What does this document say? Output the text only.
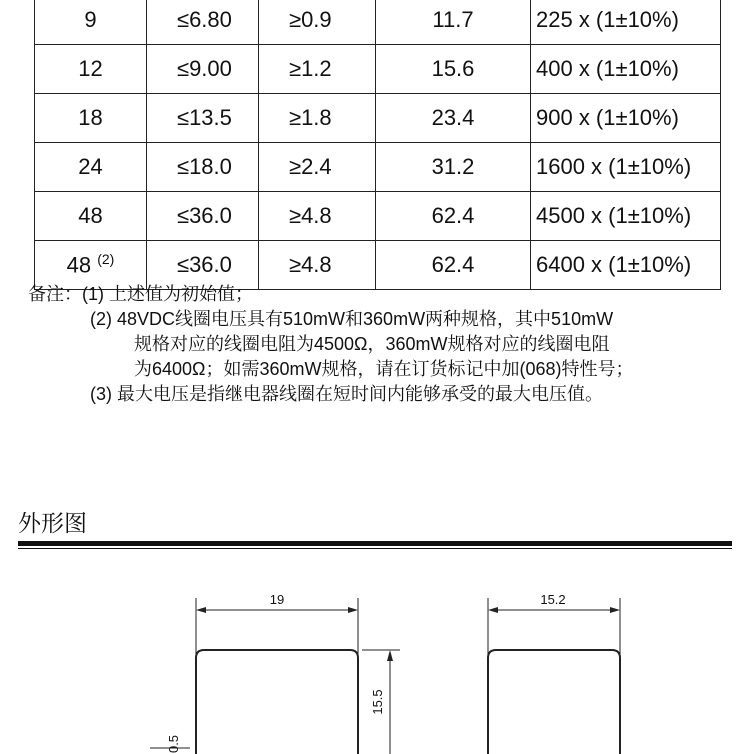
9	≤6.80	≥0.9	11.7	225 x (1±10%)
12	≤9.00	≥1.2	15.6	400 x (1±10%)
18	≤13.5	≥1.8	23.4	900 x (1±10%)
24	≤18.0	≥2.4	31.2	1600 x (1±10%)
48	≤36.0	≥4.8	62.4	4500 x (1±10%)
48 $^{(2)}$	≤36.0	≥4.8	62.4	6400 x (1±10%)
备注：(1) 上述值为初始值；
(2) 48VDC线圈电压具有510mW和360mW两种规格，其中510mW
规格对应的线圈电阻为4500Ω，360mW规格对应的线圈电阻
为6400Ω；如需360mW规格，请在订货标记中加(068)特性号；
(3) 最大电压是指继电器线圈在短时间内能够承受的最大电压值。
外形图
19	15.2
15.5
0.5
